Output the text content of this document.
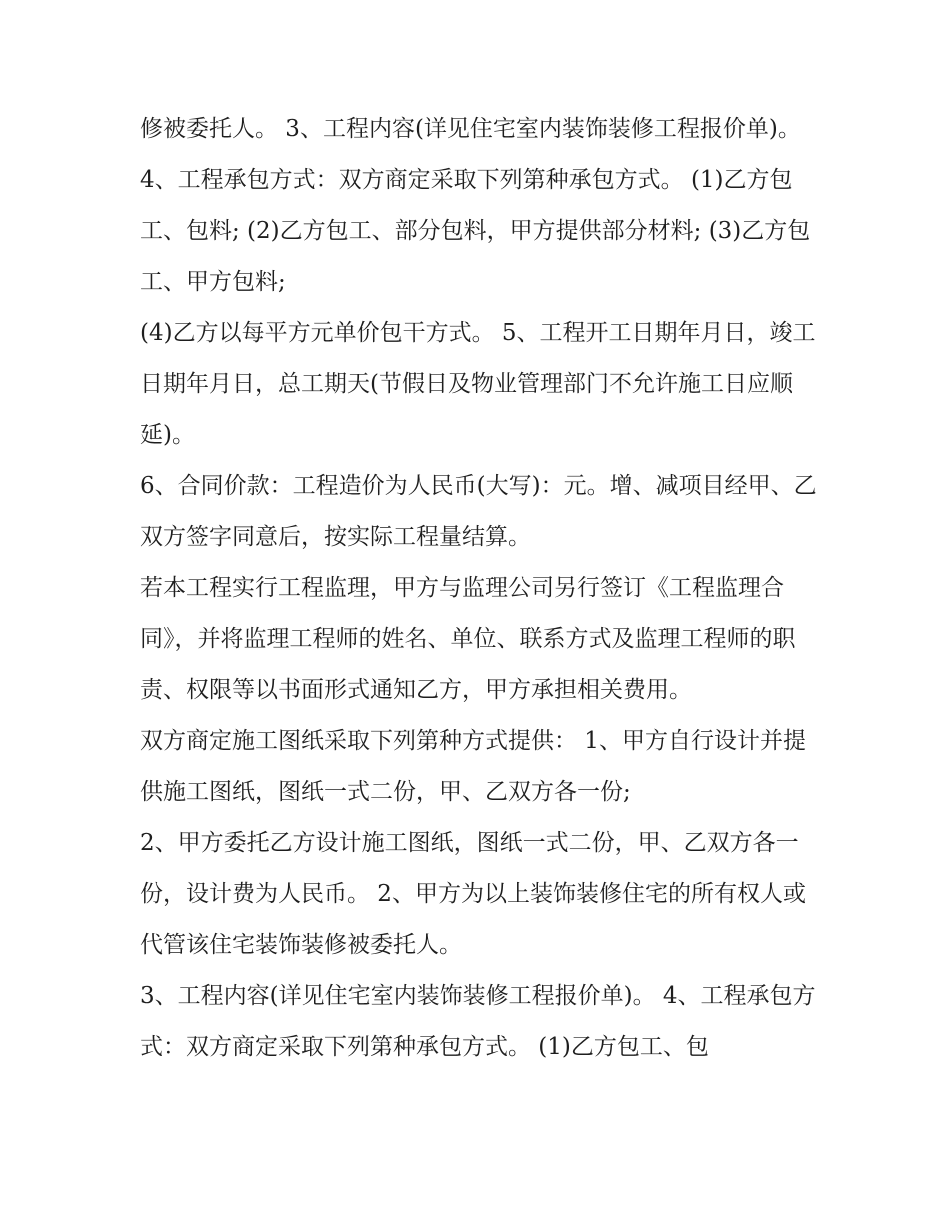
修被委托人。 3、工程内容(详见住宅室内装饰装修工程报价单)。

4、工程承包方式：双方商定采取下列第种承包方式。 (1)乙方包工、包料; (2)乙方包工、部分包料，甲方提供部分材料; (3)乙方包工、甲方包料;

(4)乙方以每平方元单价包干方式。 5、工程开工日期年月日，竣工日期年月日，总工期天(节假日及物业管理部门不允许施工日应顺延)。

6、合同价款：工程造价为人民币(大写)：元。增、减项目经甲、乙双方签字同意后，按实际工程量结算。

若本工程实行工程监理，甲方与监理公司另行签订《工程监理合同》，并将监理工程师的姓名、单位、联系方式及监理工程师的职责、权限等以书面形式通知乙方，甲方承担相关费用。

双方商定施工图纸采取下列第种方式提供： 1、甲方自行设计并提供施工图纸，图纸一式二份，甲、乙双方各一份;

2、甲方委托乙方设计施工图纸，图纸一式二份，甲、乙双方各一份，设计费为人民币。 2、甲方为以上装饰装修住宅的所有权人或代管该住宅装饰装修被委托人。

3、工程内容(详见住宅室内装饰装修工程报价单)。 4、工程承包方式：双方商定采取下列第种承包方式。 (1)乙方包工、包
